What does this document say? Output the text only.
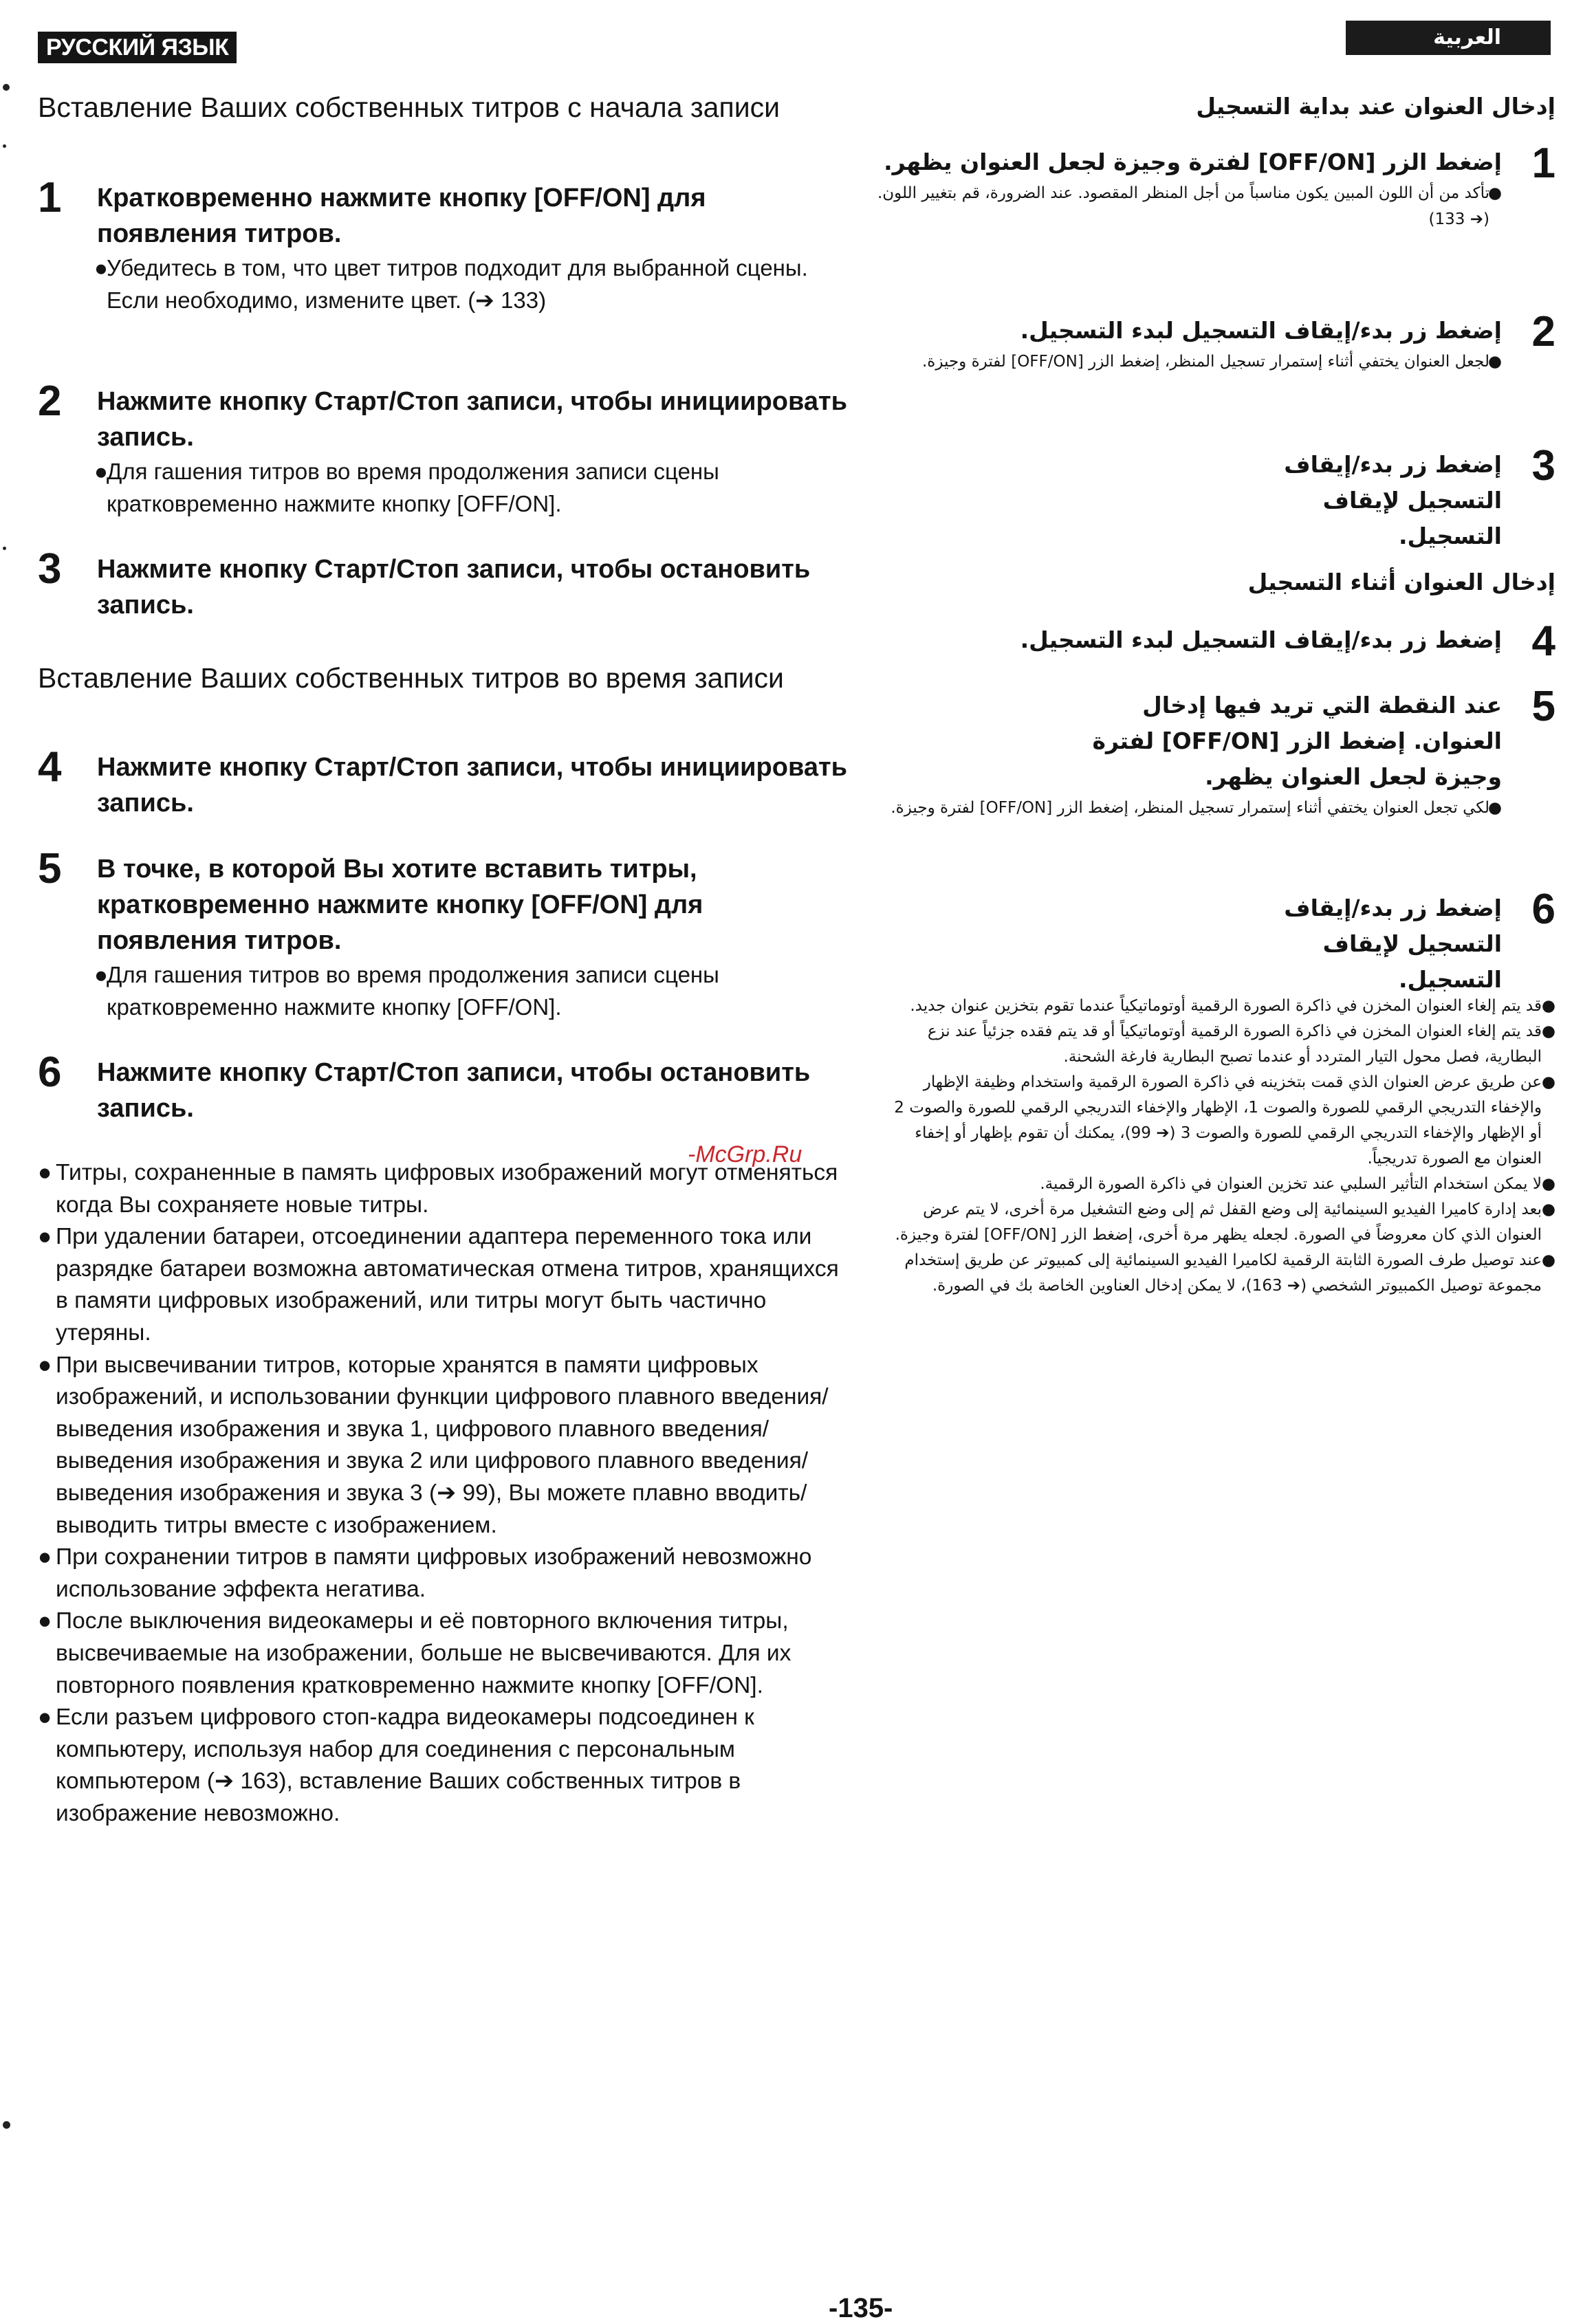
РУССКИЙ ЯЗЫК	العربية
Вставление Ваших собственных титров с начала записи
1 Кратковременно нажмите кнопку [OFF/ON] для появления титров.
●
Убедитесь в том, что цвет титров подходит для выбранной сцены. Если необходимо, измените цвет. (➔ 133)
2 Нажмите кнопку Старт/Стоп записи, чтобы инициировать запись.
●
Для гашения титров во время продолжения записи сцены кратковременно нажмите кнопку [OFF/ON].
3 Нажмите кнопку Старт/Стоп записи, чтобы остановить запись.
Вставление Ваших собственных титров во время записи
4 Нажмите кнопку Старт/Стоп записи, чтобы инициировать запись.
5 В точке, в которой Вы хотите вставить титры, кратковременно нажмите кнопку [OFF/ON] для появления титров.
●
Для гашения титров во время продолжения записи сцены кратковременно нажмите кнопку [OFF/ON].
6 Нажмите кнопку Старт/Стоп записи, чтобы остановить запись.
● Титры, сохраненные в память цифровых изображений могут отменяться когда Вы сохраняете новые титры.
● При удалении батареи, отсоединении адаптера переменного тока или разрядке батареи возможна автоматическая отмена титров, хранящихся в памяти цифровых изображений, или титры могут быть частично утеряны.
● При высвечивании титров, которые хранятся в памяти цифровых изображений, и использовании функции цифрового плавного введения/выведения изображения и звука 1, цифрового плавного введения/выведения изображения и звука 2 или цифрового плавного введения/выведения изображения и звука 3 (➔ 99), Вы можете плавно вводить/выводить титры вместе с изображением.
● При сохранении титров в памяти цифровых изображений невозможно использование эффекта негатива.
● После выключения видеокамеры и её повторного включения титры, высвечиваемые на изображении, больше не высвечиваются. Для их повторного появления кратковременно нажмите кнопку [OFF/ON].
● Если разъем цифрового стоп-кадра видеокамеры подсоединен к компьютеру, используя набор для соединения с персональным компьютером (➔ 163), вставление Ваших собственных титров в изображение невозможно.
إدخال العنوان عند بداية التسجيل
1
إضغط الزر [OFF/ON] لفترة وجيزة لجعل العنوان يظهر.
●
تأكد من أن اللون المبين يكون مناسباً من أجل المنظر المقصود. عند الضرورة، قم بتغيير اللون. (➔ 133)
2
إضغط زر بدء/إيقاف التسجيل لبدء التسجيل.
●
لجعل العنوان يختفي أثناء إستمرار تسجيل المنظر، إضغط الزر [OFF/ON] لفترة وجيزة.
3
إضغط زر بدء/إيقاف التسجيل لإيقاف التسجيل.
إدخال العنوان أثناء التسجيل
4
إضغط زر بدء/إيقاف التسجيل لبدء التسجيل.
5
عند النقطة التي تريد فيها إدخال العنوان. إضغط الزر [OFF/ON] لفترة وجيزة لجعل العنوان يظهر.
●
لكي تجعل العنوان يختفي أثناء إستمرار تسجيل المنظر، إضغط الزر [OFF/ON] لفترة وجيزة.
6
إضغط زر بدء/إيقاف التسجيل لإيقاف التسجيل.
●
قد يتم إلغاء العنوان المخزن في ذاكرة الصورة الرقمية أوتوماتيكياً عندما تقوم بتخزين عنوان جديد.
●
قد يتم إلغاء العنوان المخزن في ذاكرة الصورة الرقمية أوتوماتيكياً أو قد يتم فقده جزئياً عند نزع البطارية، فصل محول التيار المتردد أو عندما تصبح البطارية فارغة الشحنة.
●
عن طريق عرض العنوان الذي قمت بتخزينه في ذاكرة الصورة الرقمية واستخدام وظيفة الإظهار والإخفاء التدريجي الرقمي للصورة والصوت 1، الإظهار والإخفاء التدريجي الرقمي للصورة والصوت 2 أو الإظهار والإخفاء التدريجي الرقمي للصورة والصوت 3 (➔ 99)، يمكنك أن تقوم بإظهار أو إخفاء العنوان مع الصورة تدريجياً.
●
لا يمكن استخدام التأثير السلبي عند تخزين العنوان في ذاكرة الصورة الرقمية.
●
بعد إدارة كاميرا الفيديو السينمائية إلى وضع القفل ثم إلى وضع التشغيل مرة أخرى، لا يتم عرض العنوان الذي كان معروضاً في الصورة. لجعله يظهر مرة أخرى، إضغط الزر [OFF/ON] لفترة وجيزة.
●
عند توصيل طرف الصورة الثابتة الرقمية لكاميرا الفيديو السينمائية إلى كمبيوتر عن طريق إستخدام مجموعة توصيل الكمبيوتر الشخصي (➔ 163)، لا يمكن إدخال العناوين الخاصة بك في الصورة.
-McGrp.Ru
-135-
